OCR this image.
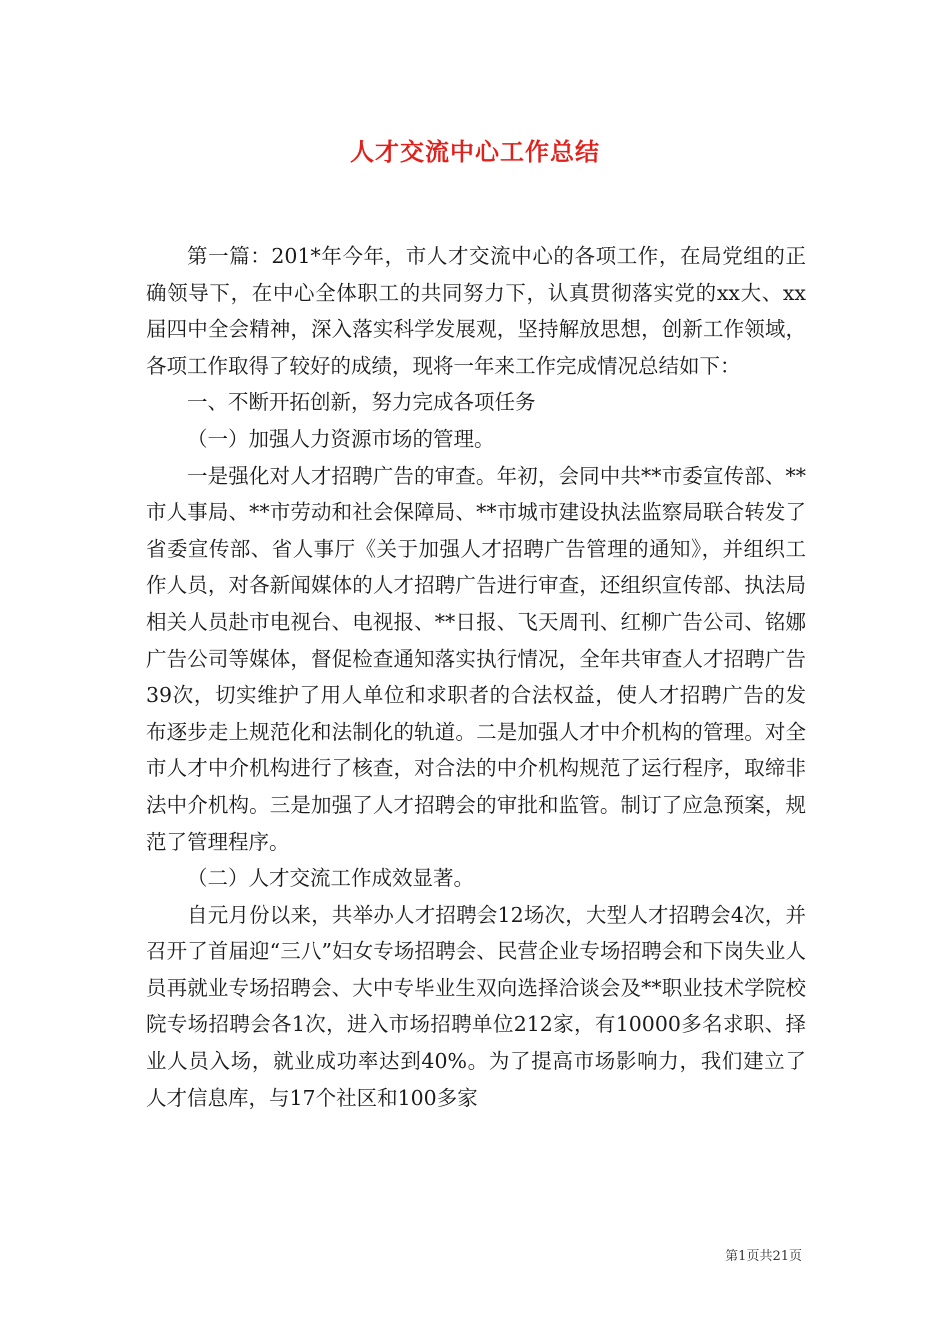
人才交流中心工作总结

第一篇：201*年今年，市人才交流中心的各项工作，在局党组的正确领导下，在中心全体职工的共同努力下，认真贯彻落实党的xx大、xx届四中全会精神，深入落实科学发展观，坚持解放思想，创新工作领域，各项工作取得了较好的成绩，现将一年来工作完成情况总结如下：

一、不断开拓创新，努力完成各项任务

（一）加强人力资源市场的管理。

一是强化对人才招聘广告的审查。年初，会同中共**市委宣传部、**市人事局、**市劳动和社会保障局、**市城市建设执法监察局联合转发了省委宣传部、省人事厅《关于加强人才招聘广告管理的通知》，并组织工作人员，对各新闻媒体的人才招聘广告进行审查，还组织宣传部、执法局相关人员赴市电视台、电视报、**日报、飞天周刊、红柳广告公司、铭娜广告公司等媒体，督促检查通知落实执行情况，全年共审查人才招聘广告39次，切实维护了用人单位和求职者的合法权益，使人才招聘广告的发布逐步走上规范化和法制化的轨道。二是加强人才中介机构的管理。对全市人才中介机构进行了核查，对合法的中介机构规范了运行程序，取缔非法中介机构。三是加强了人才招聘会的审批和监管。制订了应急预案，规范了管理程序。

（二）人才交流工作成效显著。

自元月份以来，共举办人才招聘会12场次，大型人才招聘会4次，并召开了首届迎“三八”妇女专场招聘会、民营企业专场招聘会和下岗失业人员再就业专场招聘会、大中专毕业生双向选择洽谈会及**职业技术学院校院专场招聘会各1次，进入市场招聘单位212家，有10000多名求职、择业人员入场，就业成功率达到40%。为了提高市场影响力，我们建立了人才信息库，与17个社区和100多家

第1页共21页
